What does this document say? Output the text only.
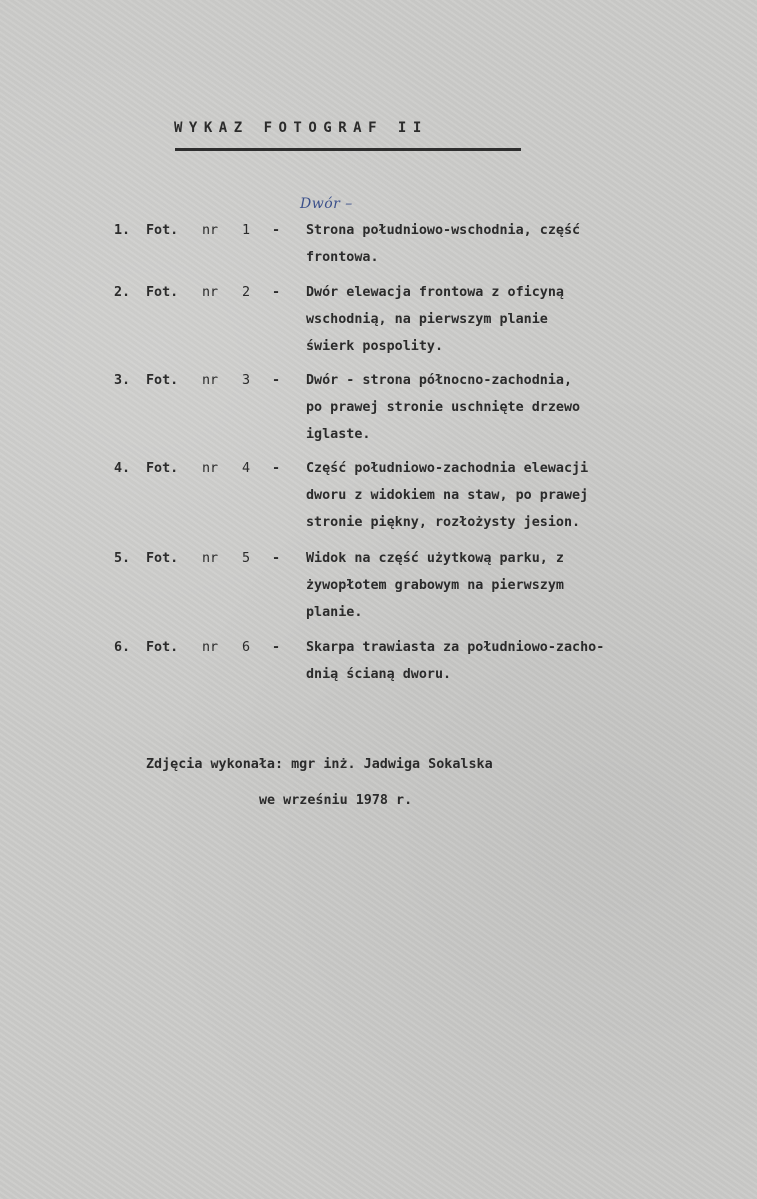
WYKAZ FOTOGRAF II
Dwór –
1. Fot. nr 1 - Strona południowo-wschodnia, część
frontowa.
2. Fot. nr 2 - Dwór elewacja frontowa z oficyną
wschodnią, na pierwszym planie
świerk pospolity.
3. Fot. nr 3 - Dwór - strona północno-zachodnia,
po prawej stronie uschnięte drzewo
iglaste.
4. Fot. nr 4 - Część południowo-zachodnia elewacji
dworu z widokiem na staw, po prawej
stronie piękny, rozłożysty jesion.
5. Fot. nr 5 - Widok na część użytkową parku, z
żywopłotem grabowym na pierwszym
planie.
6. Fot. nr 6 - Skarpa trawiasta za południowo-zacho-
dnią ścianą dworu.
Zdjęcia wykonała: mgr inż. Jadwiga Sokalska
we wrześniu 1978 r.
